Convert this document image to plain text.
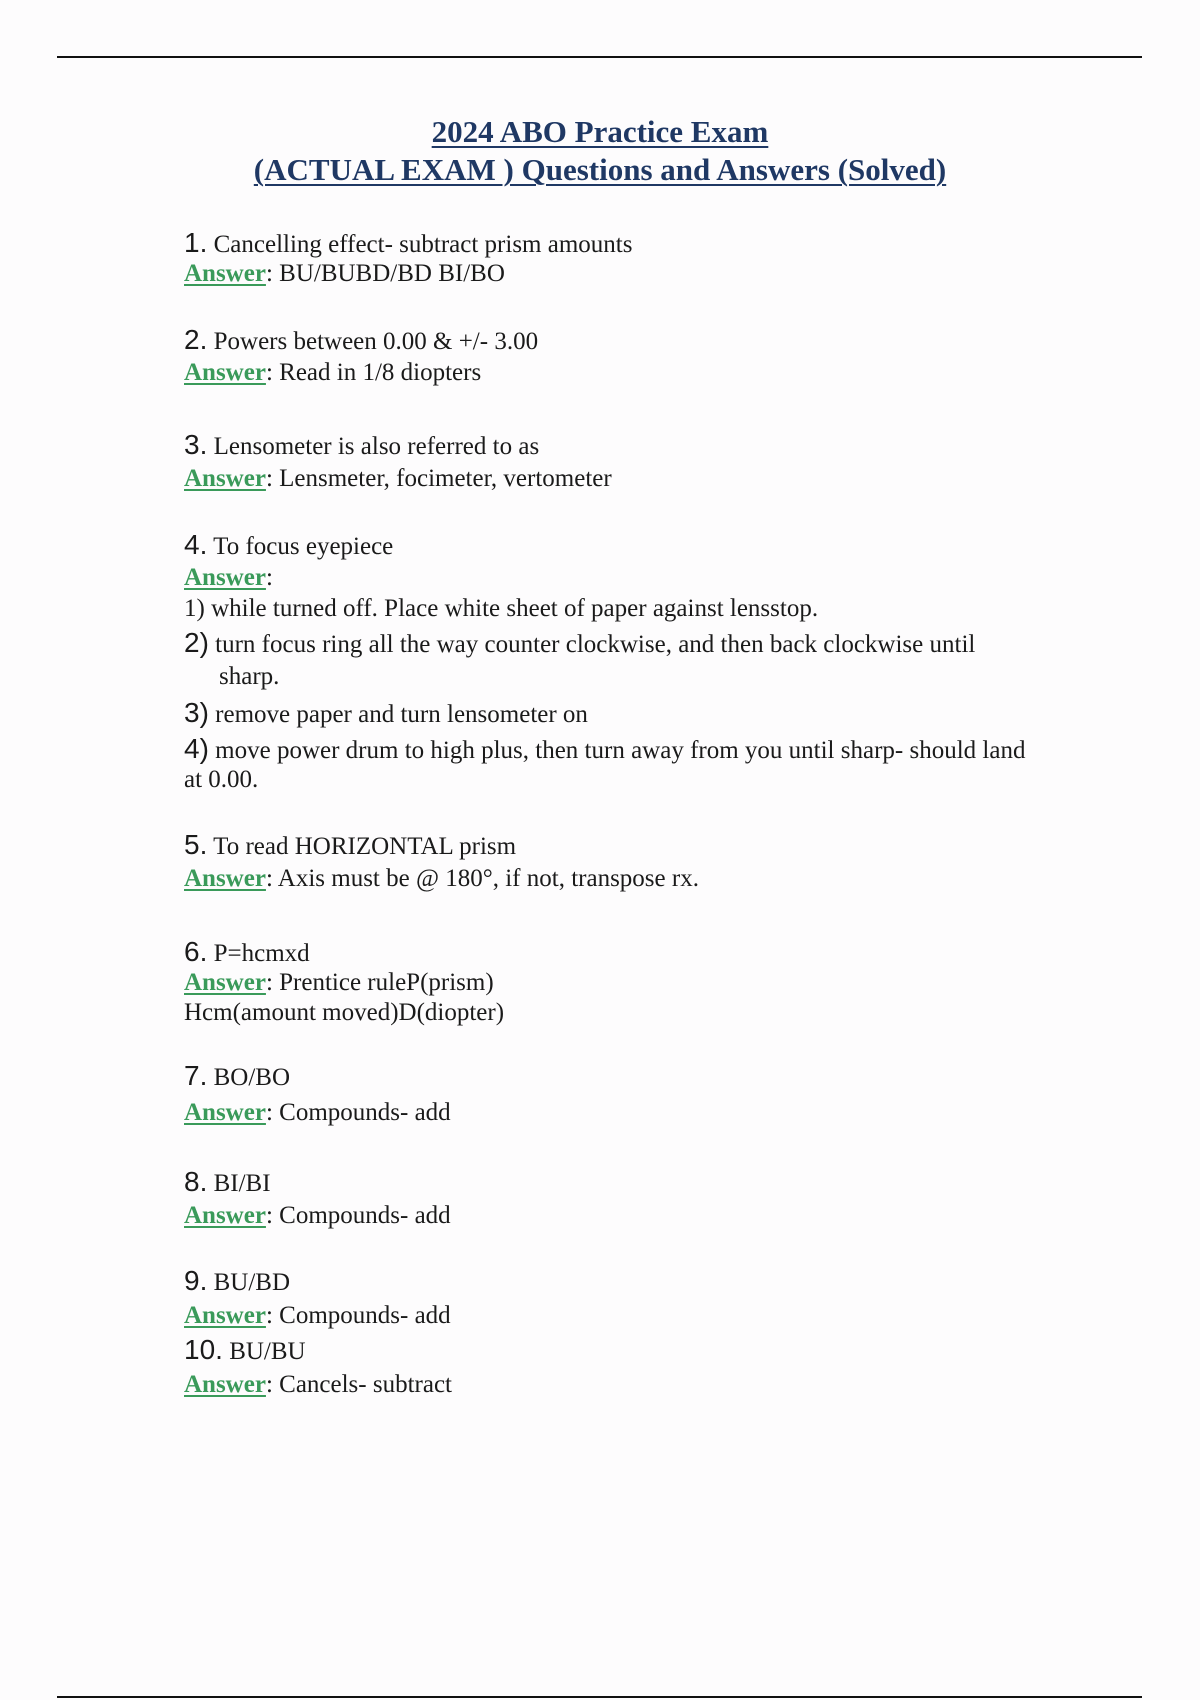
2024 ABO Practice Exam
(ACTUAL EXAM ) Questions and Answers (Solved)
1. Cancelling effect- subtract prism amounts
Answer: BU/BUBD/BD BI/BO
2. Powers between 0.00 & +/- 3.00
Answer: Read in 1/8 diopters
3. Lensometer is also referred to as
Answer: Lensmeter, focimeter, vertometer
4. To focus eyepiece
Answer:
1) while turned off. Place white sheet of paper against lensstop.
2) turn focus ring all the way counter clockwise, and then back clockwise until
sharp.
3) remove paper and turn lensometer on
4) move power drum to high plus, then turn away from you until sharp- should land
at 0.00.
5. To read HORIZONTAL prism
Answer: Axis must be @ 180°, if not, transpose rx.
6. P=hcmxd
Answer: Prentice ruleP(prism)
Hcm(amount moved)D(diopter)
7. BO/BO
Answer: Compounds- add
8. BI/BI
Answer: Compounds- add
9. BU/BD
Answer: Compounds- add
10. BU/BU
Answer: Cancels- subtract
